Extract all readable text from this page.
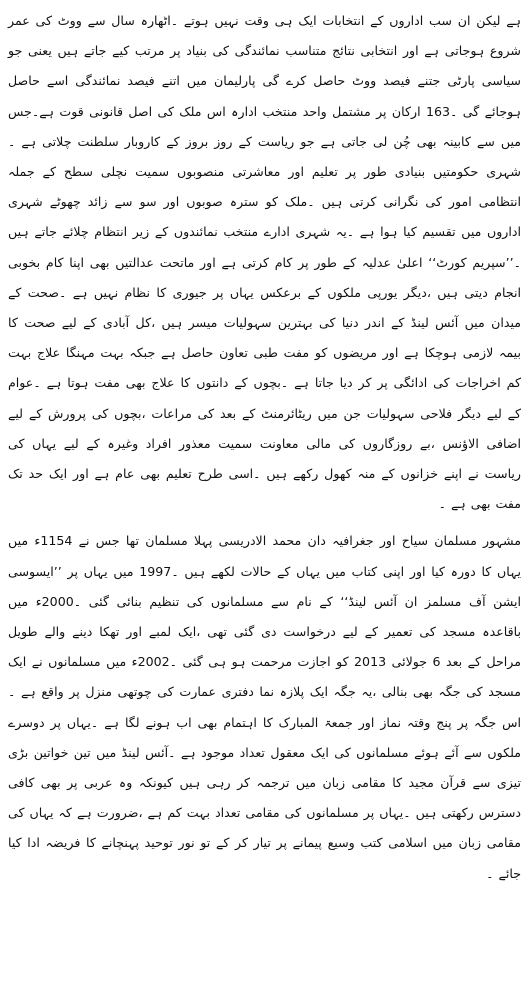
ہے لیکن ان سب اداروں کے انتخابات ایک ہی وقت نہیں ہوتے ۔اٹھارہ سال سے ووٹ کی عمر شروع ہوجاتی ہے اور انتخابی نتائج متناسب نمائندگی کی بنیاد پر مرتب کیے جاتے ہیں یعنی جو سیاسی پارٹی جتنے فیصد ووٹ حاصل کرے گی پارلیمان میں اتنے فیصد نمائندگی اسے حاصل ہوجائے گی ۔163 ارکان پر مشتمل واحد منتخب ادارہ اس ملک کی اصل قانونی قوت ہے۔جس میں سے کابینہ بھی چُن لی جاتی ہے جو ریاست کے روز بروز کے کاروبار سلطنت چلاتی ہے ۔شہری حکومتیں بنیادی طور پر تعلیم اور معاشرتی منصوبوں سمیت نچلی سطح کے جملہ انتظامی امور کی نگرانی کرتی ہیں ۔ملک کو سترہ صوبوں اور سو سے زائد چھوٹے شہری اداروں میں تقسیم کیا ہوا ہے ۔یہ شہری ادارے منتخب نمائندوں کے زیر انتظام چلائے جاتے ہیں ۔’’سپریم کورٹ‘‘ اعلیٰ عدلیہ کے طور پر کام کرتی ہے اور ماتحت عدالتیں بھی اپنا کام بخوبی انجام دیتی ہیں ،دیگر یورپی ملکوں کے برعکس یہاں پر جیوری کا نظام نہیں ہے ۔صحت کے میدان میں آئس لینڈ کے اندر دنیا کی بہترین سہولیات میسر ہیں ،کل آبادی کے لیے صحت کا بیمہ لازمی ہوچکا ہے اور مریضوں کو مفت طبی تعاون حاصل ہے جبکہ بہت مہنگا علاج بہت کم اخراجات کی ادائگی پر کر دیا جاتا ہے ۔بچوں کے دانتوں کا علاج بھی مفت ہوتا ہے ۔عوام کے لیے دیگر فلاحی سہولیات جن میں ریٹائرمنٹ کے بعد کی مراعات ،بچوں کی پرورش کے لیے اضافی الاؤنس ،بے روزگاروں کی مالی معاونت سمیت معذور افراد وغیرہ کے لیے یہاں کی ریاست نے اپنے خزانوں کے منہ کھول رکھے ہیں ۔اسی طرح تعلیم بھی عام ہے اور ایک حد تک مفت بھی ہے ۔

مشہور مسلمان سیاح اور جغرافیہ دان محمد الادریسی پہلا مسلمان تھا جس نے 1154ء میں یہاں کا دورہ کیا اور اپنی کتاب میں یہاں کے حالات لکھے ہیں ۔1997 میں یہاں پر ’’ایسوسی ایشن آف مسلمز ان آئس لینڈ‘‘ کے نام سے مسلمانوں کی تنظیم بنائی گئی ۔2000ء میں باقاعدہ مسجد کی تعمیر کے لیے درخواست دی گئی تھی ،ایک لمبے اور تھکا دینے والے طویل مراحل کے بعد 6 جولائی 2013 کو اجازت مرحمت ہو ہی گئی ۔2002ء میں مسلمانوں نے ایک مسجد کی جگہ بھی بنالی ،یہ جگہ ایک پلازہ نما دفتری عمارت کی چوتھی منزل پر واقع ہے ۔اس جگہ پر پنج وقتہ نماز اور جمعۃ المبارک کا اہتمام بھی اب ہونے لگا ہے ۔یہاں پر دوسرے ملکوں سے آئے ہوئے مسلمانوں کی ایک معقول تعداد موجود ہے ۔آئس لینڈ میں تین خواتین بڑی تیزی سے قرآن مجید کا مقامی زبان میں ترجمہ کر رہی ہیں کیونکہ وہ عربی پر بھی کافی دسترس رکھتی ہیں ۔یہاں پر مسلمانوں کی مقامی تعداد بہت کم ہے ،ضرورت ہے کہ یہاں کی مقامی زبان میں اسلامی کتب وسیع پیمانے پر تیار کر کے تو نور توحید پہنچانے کا فریضہ ادا کیا جائے ۔
